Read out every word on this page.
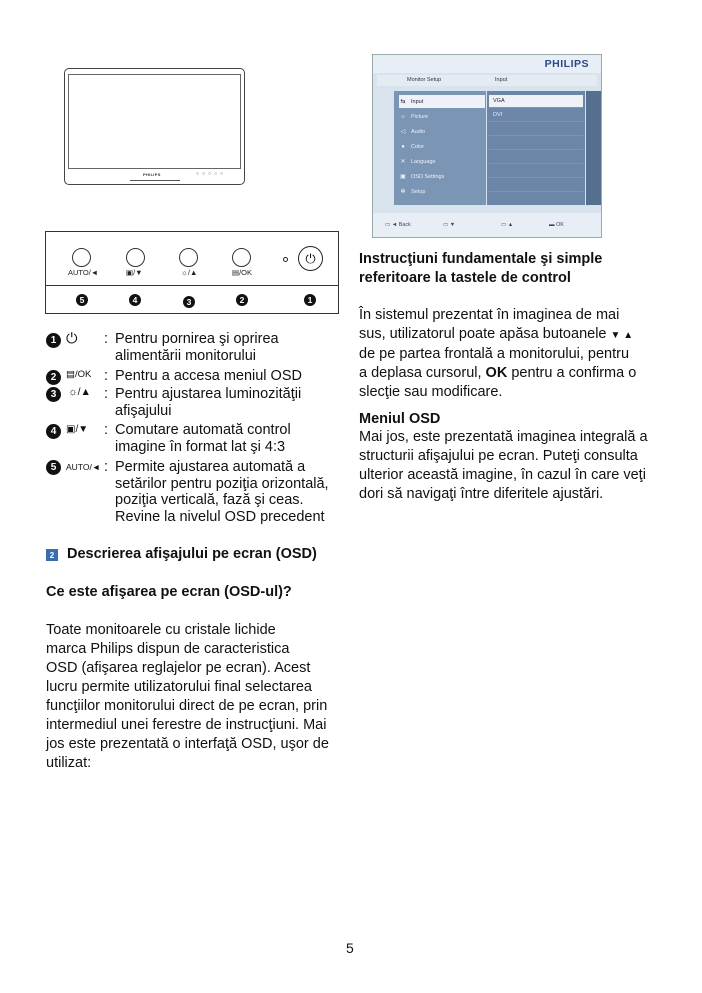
PHILIPS	○○○○○
⏻
AUTO/◄	▣/▼	☼/▲	▤/OK
5	4	3	2	1
PHILIPS
Monitor Setup	Input
⇆ Input
☼ Picture
◁	Audio
●	Color
✕ Language
▣ OSD Settings
✻ Setup
VGA
DVI
▭ ◄ Back	▭ ▼	▭ ▲	▬ OK
1 ⏻ : Pentru pornirea şi oprirea
alimentării monitorului
2	▤/OK : Pentru a accesa meniul OSD
3	☼/▲ : Pentru ajustarea luminozităţii
afişajului
4 ▣/▼ : Comutare automată control
imagine în format lat şi 4:3
5	AUTO/◄ : Permite ajustarea automată a
setărilor pentru poziţia orizontală,
poziţia verticală, fază şi ceas.
Revine la nivelul OSD precedent
2 Descrierea afişajului pe ecran (OSD)
Ce este afişarea pe ecran (OSD-ul)?
Toate monitoarele cu cristale lichide
marca Philips dispun de caracteristica
OSD (afişarea reglajelor pe ecran). Acest
lucru permite utilizatorului final selectarea
funcţiilor monitorului direct de pe ecran, prin
intermediul unei ferestre de instrucţiuni. Mai
jos este prezentată o interfaţă OSD, uşor de
utilizat:
Instrucţiuni fundamentale şi simple
referitoare la tastele de control
În sistemul prezentat în imaginea de mai
sus, utilizatorul poate apăsa butoanele ▼ ▲
de pe partea frontală a monitorului, pentru
a deplasa cursorul, OK pentru a confirma o
slecţie sau modificare.
Meniul OSD
Mai jos, este prezentată imaginea integrală a
structurii afişajului pe ecran. Puteţi consulta
ulterior această imagine, în cazul în care veţi
dori să navigaţi între diferitele ajustări.
5
